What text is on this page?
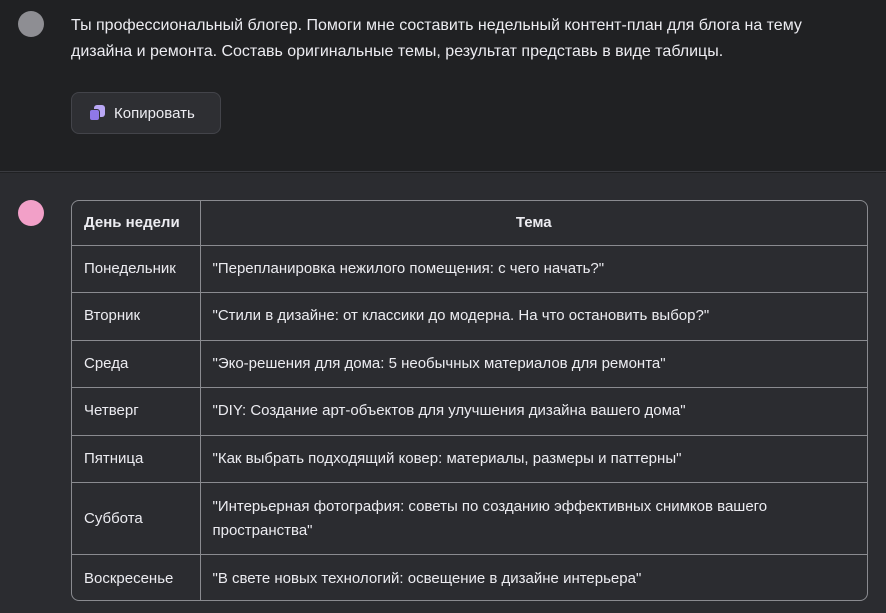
Ты профессиональный блогер. Помоги мне составить недельный контент-план для блога на тему дизайна и ремонта. Составь оригинальные темы, результат представь в виде таблицы.
Копировать
День недели	Тема
Понедельник	"Перепланировка нежилого помещения: с чего начать?"
Вторник	"Стили в дизайне: от классики до модерна. На что остановить выбор?"
Среда	"Эко-решения для дома: 5 необычных материалов для ремонта"
Четверг	"DIY: Создание арт-объектов для улучшения дизайна вашего дома"
Пятница	"Как выбрать подходящий ковер: материалы, размеры и паттерны"
Суббота	"Интерьерная фотография: советы по созданию эффективных снимков вашего пространства"
Воскресенье	"В свете новых технологий: освещение в дизайне интерьера"
